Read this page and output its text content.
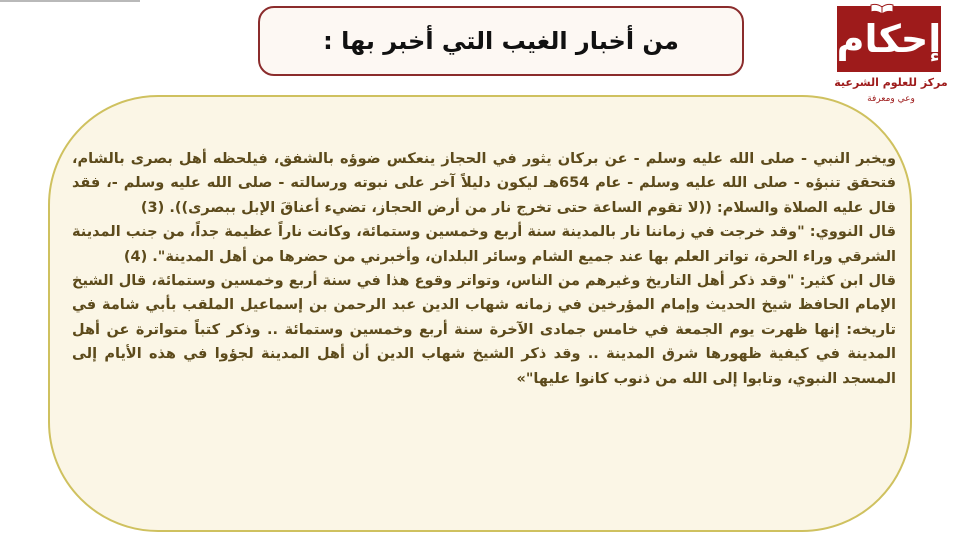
من أخبار الغيب التي أخبر بها :	إحكام
مركز للعلوم الشرعية
وعي ومعرفة

ويخبر النبي - صلى الله عليه وسلم - عن بركان يثور في الحجاز ينعكس ضوؤه بالشفق، فيلحظه أهل بصرى بالشام، فتحقق تنبؤه - صلى الله عليه وسلم - عام 654هـ ليكون دليلاً آخر على نبوته ورسالته - صلى الله عليه وسلم -، فقد قال عليه الصلاة والسلام: ((لا تقوم الساعة حتى تخرج نار من أرض الحجاز، تضيء أعناقَ الإبل ببصرى)). (3)

قال النووي: "وقد خرجت في زماننا نار بالمدينة سنة أربع وخمسين وستمائة، وكانت ناراً عظيمة جداً، من جنب المدينة الشرقي وراء الحرة، تواتر العلم بها عند جميع الشام وسائر البلدان، وأخبرني من حضرها من أهل المدينة". (4)

قال ابن كثير: "وقد ذكر أهل التاريخ وغيرهم من الناس، وتواتر وقوع هذا في سنة أربع وخمسين وستمائة، قال الشيخ الإمام الحافظ شيخ الحديث وإمام المؤرخين في زمانه شهاب الدين عبد الرحمن بن إسماعيل الملقب بأبي شامة في تاريخه: إنها ظهرت يوم الجمعة في خامس جمادى الآخرة سنة أربع وخمسين وستمائة .. وذكر كتباً متواترة عن أهل المدينة في كيفية ظهورها شرق المدينة .. وقد ذكر الشيخ شهاب الدين أن أهل المدينة لجؤوا في هذه الأيام إلى المسجد النبوي، وتابوا إلى الله من ذنوب كانوا عليها"»
